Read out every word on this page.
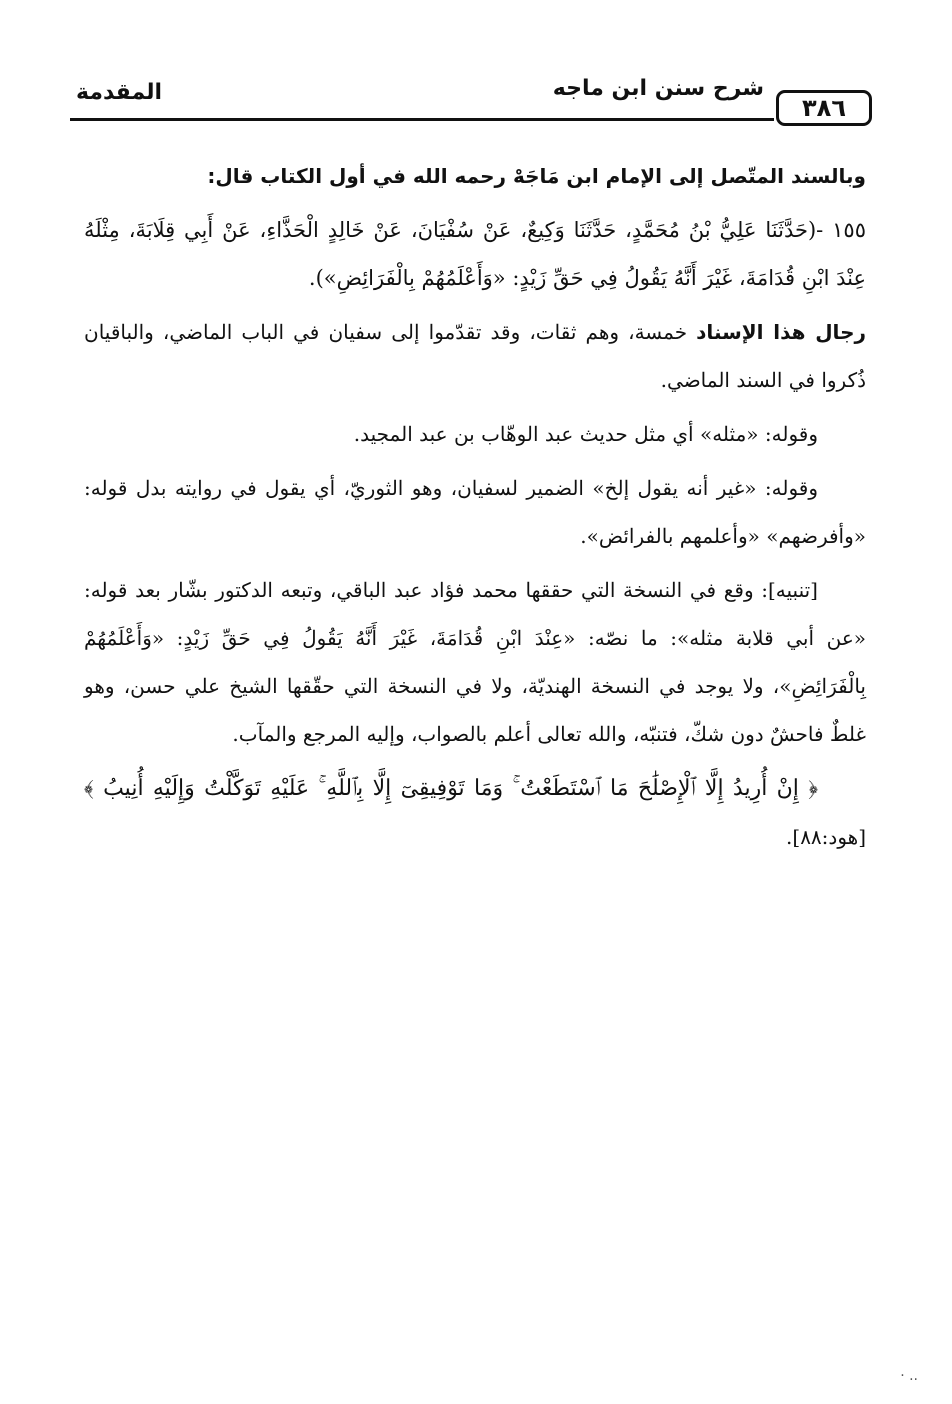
٣٨٦
شرح سنن ابن ماجه
المقدمة

وبالسند المتّصل إلى الإمام ابن مَاجَهْ رحمه الله في أول الكتاب قال:

١٥٥ -(حَدَّثَنَا عَلِيُّ بْنُ مُحَمَّدٍ، حَدَّثَنَا وَكِيعٌ، عَنْ سُفْيَانَ، عَنْ خَالِدٍ الْحَذَّاءِ، عَنْ أَبِي قِلَابَةَ، مِثْلَهُ عِنْدَ ابْنِ قُدَامَةَ، غَيْرَ أَنَّهُ يَقُولُ فِي حَقِّ زَيْدٍ: «وَأَعْلَمُهُمْ بِالْفَرَائِضِ»).

رجال هذا الإسناد خمسة، وهم ثقات، وقد تقدّموا إلى سفيان في الباب الماضي، والباقيان ذُكروا في السند الماضي.

وقوله: «مثله» أي مثل حديث عبد الوهّاب بن عبد المجيد.

وقوله: «غير أنه يقول إلخ» الضمير لسفيان، وهو الثوريّ، أي يقول في روايته بدل قوله: «وأفرضهم» «وأعلمهم بالفرائض».

[تنبيه]: وقع في النسخة التي حققها محمد فؤاد عبد الباقي، وتبعه الدكتور بشّار بعد قوله: «عن أبي قلابة مثله»: ما نصّه: «عِنْدَ ابْنِ قُدَامَةَ، غَيْرَ أَنَّهُ يَقُولُ فِي حَقِّ زَيْدٍ: «وَأَعْلَمُهُمْ بِالْفَرَائِضِ»، ولا يوجد في النسخة الهنديّة، ولا في النسخة التي حقّقها الشيخ علي حسن، وهو غلطٌ فاحشٌ دون شكّ، فتنبّه، والله تعالى أعلم بالصواب، وإليه المرجع والمآب.

﴿ إِنْ أُرِيدُ إِلَّا ٱلْإِصْلَٰحَ مَا ٱسْتَطَعْتُ ۚ وَمَا تَوْفِيقِىٓ إِلَّا بِٱللَّهِ ۚ عَلَيْهِ تَوَكَّلْتُ وَإِلَيْهِ أُنِيبُ ﴾ [هود:٨٨].

· ..
